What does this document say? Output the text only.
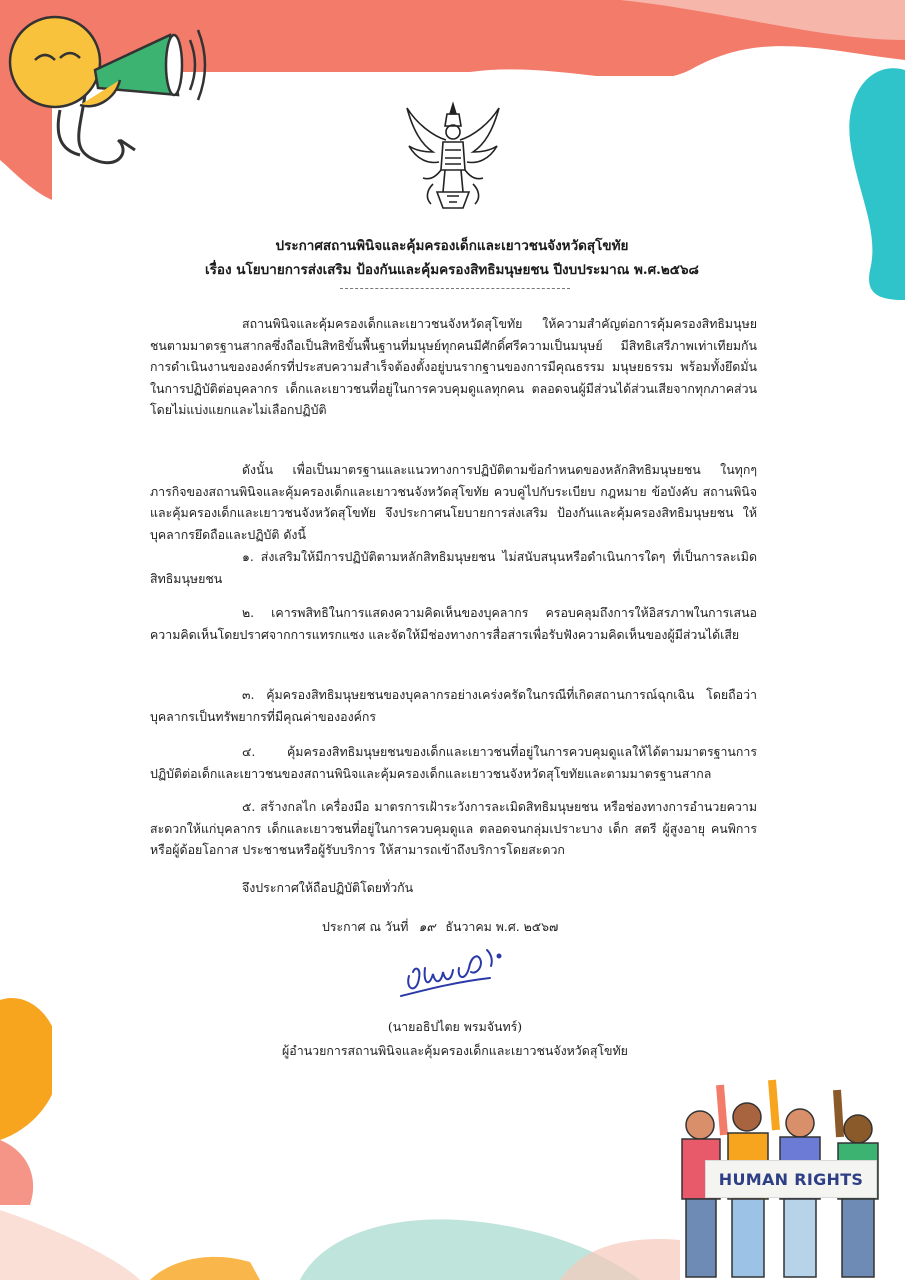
ประกาศสถานพินิจและคุ้มครองเด็กและเยาวชนจังหวัดสุโขทัย
เรื่อง นโยบายการส่งเสริม ป้องกันและคุ้มครองสิทธิมนุษยชน ปีงบประมาณ พ.ศ.๒๕๖๘

สถานพินิจและคุ้มครองเด็กและเยาวชนจังหวัดสุโขทัย ให้ความสำคัญต่อการคุ้มครองสิทธิมนุษยชนตามมาตรฐานสากลซึ่งถือเป็นสิทธิขั้นพื้นฐานที่มนุษย์ทุกคนมีศักดิ์ศรีความเป็นมนุษย์ มีสิทธิเสรีภาพเท่าเทียมกัน การดำเนินงานขององค์กรที่ประสบความสำเร็จต้องตั้งอยู่บนรากฐานของการมีคุณธรรม มนุษยธรรม พร้อมทั้งยึดมั่นในการปฏิบัติต่อบุคลากร เด็กและเยาวชนที่อยู่ในการควบคุมดูแลทุกคน ตลอดจนผู้มีส่วนได้ส่วนเสียจากทุกภาคส่วน โดยไม่แบ่งแยกและไม่เลือกปฏิบัติ

ดังนั้น เพื่อเป็นมาตรฐานและแนวทางการปฏิบัติตามข้อกำหนดของหลักสิทธิมนุษยชน ในทุกๆ ภารกิจของสถานพินิจและคุ้มครองเด็กและเยาวชนจังหวัดสุโขทัย ควบคู่ไปกับระเบียบ กฎหมาย ข้อบังคับ สถานพินิจและคุ้มครองเด็กและเยาวชนจังหวัดสุโขทัย จึงประกาศนโยบายการส่งเสริม ป้องกันและคุ้มครองสิทธิมนุษยชน ให้บุคลากรยึดถือและปฏิบัติ ดังนี้

๑. ส่งเสริมให้มีการปฏิบัติตามหลักสิทธิมนุษยชน ไม่สนับสนุนหรือดำเนินการใดๆ ที่เป็นการละเมิดสิทธิมนุษยชน

๒. เคารพสิทธิในการแสดงความคิดเห็นของบุคลากร ครอบคลุมถึงการให้อิสรภาพในการเสนอความคิดเห็นโดยปราศจากการแทรกแซง และจัดให้มีช่องทางการสื่อสารเพื่อรับฟังความคิดเห็นของผู้มีส่วนได้เสีย

๓. คุ้มครองสิทธิมนุษยชนของบุคลากรอย่างเคร่งครัดในกรณีที่เกิดสถานการณ์ฉุกเฉิน โดยถือว่าบุคลากรเป็นทรัพยากรที่มีคุณค่าขององค์กร

๔. คุ้มครองสิทธิมนุษยชนของเด็กและเยาวชนที่อยู่ในการควบคุมดูแลให้ได้ตามมาตรฐานการปฏิบัติต่อเด็กและเยาวชนของสถานพินิจและคุ้มครองเด็กและเยาวชนจังหวัดสุโขทัยและตามมาตรฐานสากล

๕. สร้างกลไก เครื่องมือ มาตรการเฝ้าระวังการละเมิดสิทธิมนุษยชน หรือช่องทางการอำนวยความสะดวกให้แก่บุคลากร เด็กและเยาวชนที่อยู่ในการควบคุมดูแล ตลอดจนกลุ่มเปราะบาง เด็ก สตรี ผู้สูงอายุ คนพิการหรือผู้ด้อยโอกาส ประชาชนหรือผู้รับบริการ ให้สามารถเข้าถึงบริการโดยสะดวก

จึงประกาศให้ถือปฏิบัติโดยทั่วกัน

ประกาศ ณ วันที่ ๑๙ ธันวาคม พ.ศ. ๒๕๖๗
(นายอธิปไตย พรมจันทร์)
ผู้อำนวยการสถานพินิจและคุ้มครองเด็กและเยาวชนจังหวัดสุโขทัย
HUMAN RIGHTS
